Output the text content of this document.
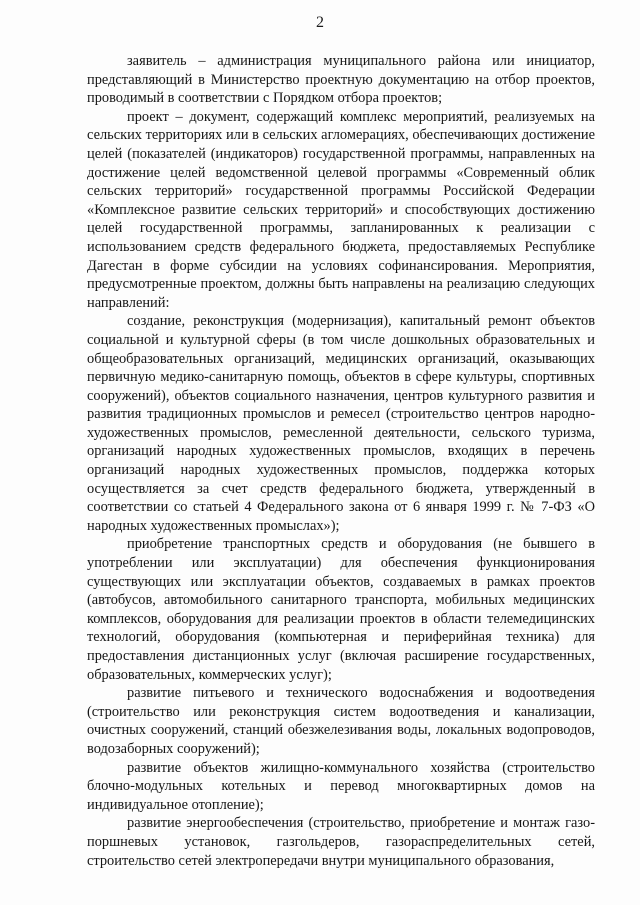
2

заявитель – администрация муниципального района или инициатор, представляющий в Министерство проектную документацию на отбор проектов, проводимый в соответствии с Порядком отбора проектов;

проект – документ, содержащий комплекс мероприятий, реализуемых на сельских территориях или в сельских агломерациях, обеспечивающих достижение целей (показателей (индикаторов) государственной программы, направленных на достижение целей ведомственной целевой программы «Современный облик сельских территорий» государственной программы Российской Федерации «Комплексное развитие сельских территорий» и способствующих достижению целей государственной программы, запланированных к реализации с использованием средств федерального бюджета, предоставляемых Республике Дагестан в форме субсидии на условиях софинансирования. Мероприятия, предусмотренные проектом, должны быть направлены на реализацию следующих направлений:

создание, реконструкция (модернизация), капитальный ремонт объектов социальной и культурной сферы (в том числе дошкольных образовательных и общеобразовательных организаций, медицинских организаций, оказывающих первичную медико-санитарную помощь, объектов в сфере культуры, спортивных сооружений), объектов социального назначения, центров культурного развития и развития традиционных промыслов и ремесел (строительство центров народно-художественных промыслов, ремесленной деятельности, сельского туризма, организаций народных художественных промыслов, входящих в перечень организаций народных художественных промыслов, поддержка которых осуществляется за счет средств федерального бюджета, утвержденный в соответствии со статьей 4 Федерального закона от 6 января 1999 г. № 7-ФЗ «О народных художественных промыслах»);

приобретение транспортных средств и оборудования (не бывшего в употреблении или эксплуатации) для обеспечения функционирования существующих или эксплуатации объектов, создаваемых в рамках проектов (автобусов, автомобильного санитарного транспорта, мобильных медицинских комплексов, оборудования для реализации проектов в области телемедицинских технологий, оборудования (компьютерная и периферийная техника) для предоставления дистанционных услуг (включая расширение государственных, образовательных, коммерческих услуг);

развитие питьевого и технического водоснабжения и водоотведения (строительство или реконструкция систем водоотведения и канализации, очистных сооружений, станций обезжелезивания воды, локальных водопроводов, водозаборных сооружений);

развитие объектов жилищно-коммунального хозяйства (строительство блочно-модульных котельных и перевод многоквартирных домов на индивидуальное отопление);

развитие энергообеспечения (строительство, приобретение и монтаж газо-поршневых установок, газгольдеров, газораспределительных сетей, строительство сетей электропередачи внутри муниципального образования,
